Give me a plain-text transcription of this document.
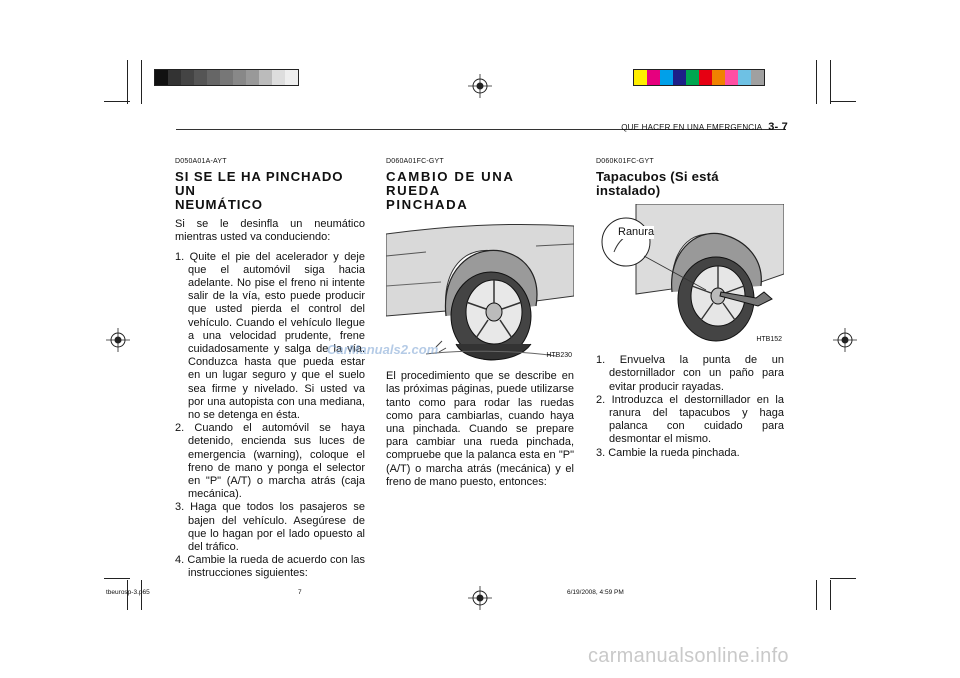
QUE HACER EN UNA EMERGENCIA 3- 7
D050A01A-AYT
SI SE LE HA PINCHADO UN
NEUMÁTICO

Si se le desinfla un neumático mientras usted va conduciendo:

1. Quite el pie del acelerador y deje que el automóvil siga hacia adelante. No pise el freno ni intente salir de la vía, esto puede producir que usted pierda el control del vehículo. Cuando el vehículo llegue a una velocidad prudente, frene cuidadosamente y salga de la vía. Conduzca hasta que pueda estar en un lugar seguro y que el suelo sea firme y nivelado. Si usted va por una autopista con una mediana, no se detenga en ésta.
2. Cuando el automóvil se haya detenido, encienda sus luces de emergencia (warning), coloque el freno de mano y ponga el selector en "P" (A/T) o marcha atrás (caja mecánica).
3. Haga que todos los pasajeros se bajen del vehículo. Asegúrese de que lo hagan por el lado opuesto al del tráfico.
4. Cambie la rueda de acuerdo con las instrucciones siguientes:
D060A01FC-GYT
CAMBIO DE UNA RUEDA
PINCHADA
HTB230

El procedimiento que se describe en las próximas páginas, puede utilizarse tanto como para rodar las ruedas como para cambiarlas, cuando haya una pinchada. Cuando se prepare para cambiar una rueda pinchada, compruebe que la palanca esta en "P" (A/T) o marcha atrás (mecánica) y el freno de mano puesto, entonces:

D060K01FC-GYT
Tapacubos (Si está instalado)
Ranura
HTB152
1. Envuelva la punta de un destornillador con un paño para evitar producir rayadas.
2. Introduzca el destornillador en la ranura del tapacubos y haga palanca con cuidado para desmontar el mismo.
3. Cambie la rueda pinchada.
CarManuals2.com
tbeurosp-3.p65	7	6/19/2008, 4:59 PM
carmanualsonline.info
